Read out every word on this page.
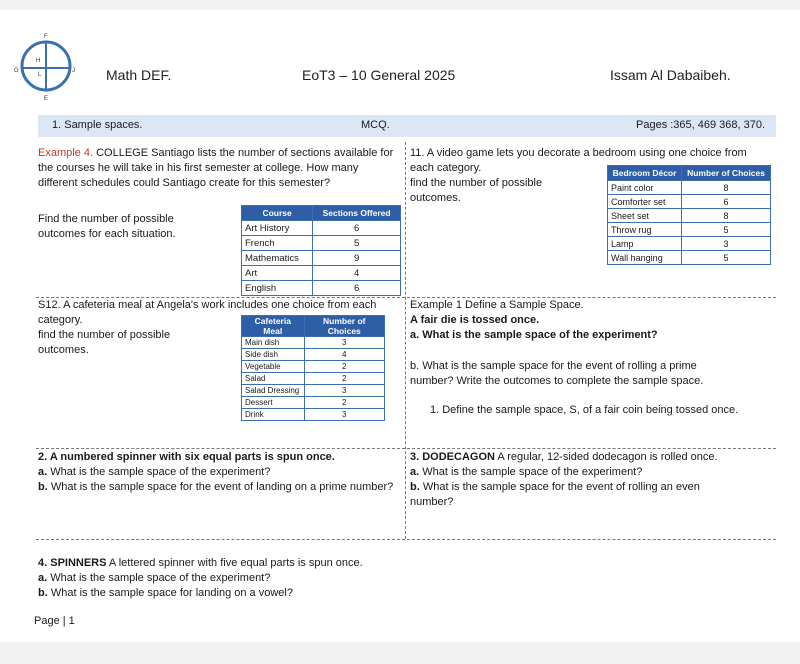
F
H
G
L
J
E
Math DEF.	EoT3 – 10 General 2025	Issam Al Dabaibeh.
1. Sample spaces.	MCQ.	Pages :365, 469 368, 370.
Example 4. COLLEGE Santiago lists the number of sections available for the courses he will take in his first semester at college. How many different schedules could Santiago create for this semester?
Find the number of possible outcomes for each situation.
Course	Sections Offered
Art History	6
French	5
Mathematics	9
Art	4
English	6
11. A video game lets you decorate a bedroom using one choice from each category.
find the number of possible outcomes.
Bedroom Décor	Number of Choices
Paint color	8
Comforter set	6
Sheet set	8
Throw rug	5
Lamp	3
Wall hanging	5
S12. A cafeteria meal at Angela's work includes one choice from each category.
find the number of possible outcomes.
Cafeteria Meal	Number of Choices
Main dish	3
Side dish	4
Vegetable	2
Salad	2
Salad Dressing	3
Dessert	2
Drink	3
Example 1 Define a Sample Space.
A fair die is tossed once.
a. What is the sample space of the experiment?
b. What is the sample space for the event of rolling a prime number? Write the outcomes to complete the sample space.
1. Define the sample space, S, of a fair coin being tossed once.
2. A numbered spinner with six equal parts is spun once.
a. What is the sample space of the experiment?
b. What is the sample space for the event of landing on a prime number?
3. DODECAGON A regular, 12-sided dodecagon is rolled once.
a. What is the sample space of the experiment?
b. What is the sample space for the event of rolling an even number?
4. SPINNERS A lettered spinner with five equal parts is spun once.
a. What is the sample space of the experiment?
b. What is the sample space for landing on a vowel?
Page | 1
